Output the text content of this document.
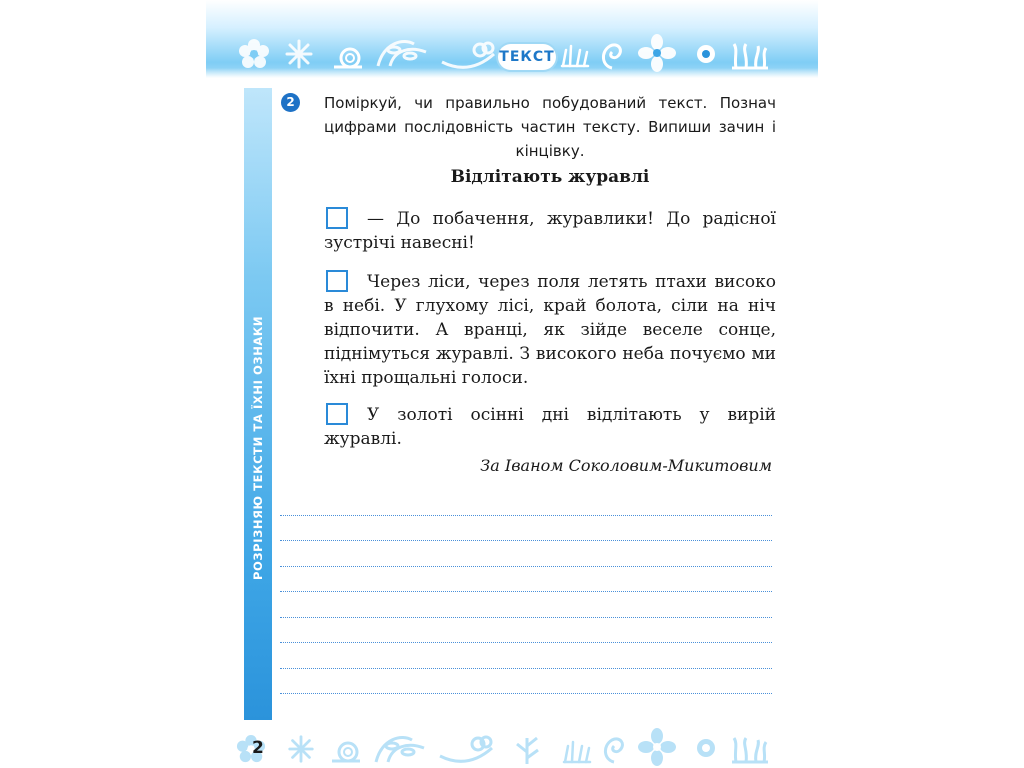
ТЕКСТ
РОЗРІЗНЯЮ ТЕКСТИ ТА ЇХНІ ОЗНАКИ
2	Поміркуй, чи правильно побудований текст. Познач цифрами послідовність частин тексту. Випиши зачин і кінцівку.
Відлітають журавлі
— До побачення, журавлики! До радісної зустрічі навесні!
Через ліси, через поля летять птахи високо в небі. У глухому лісі, край болота, сіли на ніч відпочити. А вранці, як зійде веселе сонце, піднімуться журавлі. З високого неба почуємо ми їхні прощальні голоси.
У золоті осінні дні відлітають у вирій журавлі.
За Іваном Соколовим-Микитовим
2
